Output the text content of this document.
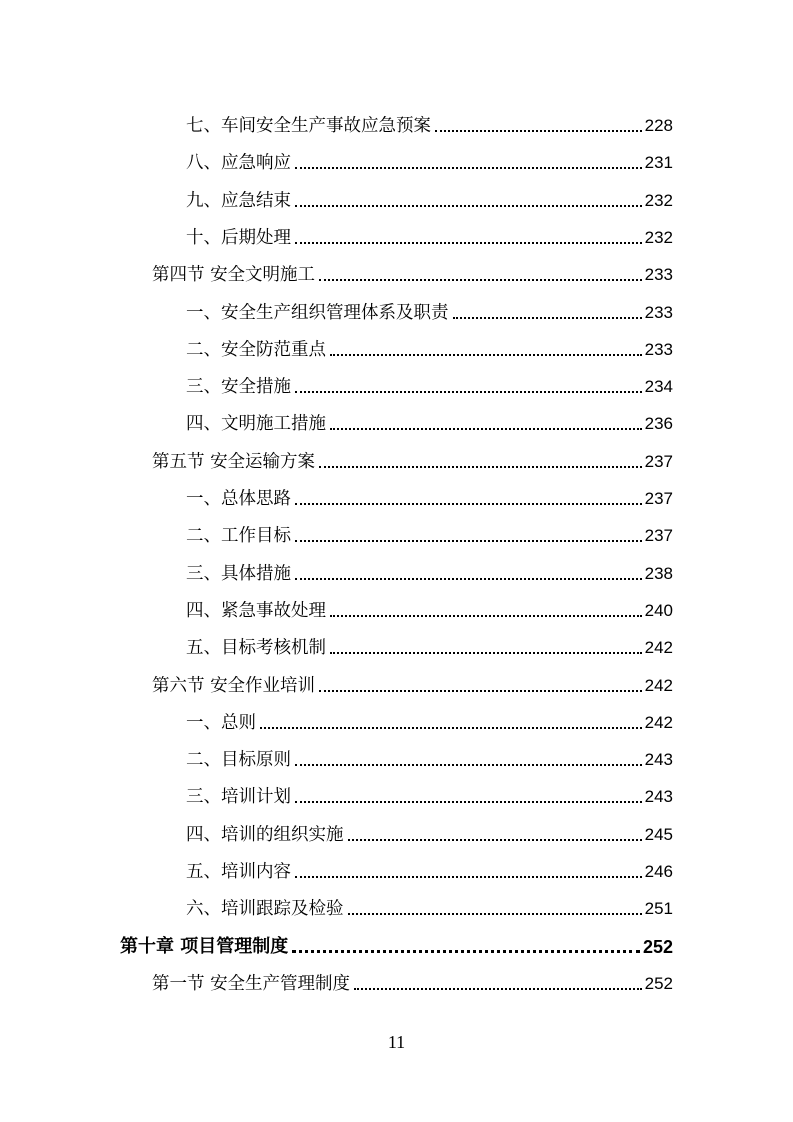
七、车间安全生产事故应急预案	228
八、应急响应	231
九、应急结束	232
十、后期处理	232
第四节 安全文明施工	233
一、安全生产组织管理体系及职责	233
二、安全防范重点	233
三、安全措施	234
四、文明施工措施	236
第五节 安全运输方案	237
一、总体思路	237
二、工作目标	237
三、具体措施	238
四、紧急事故处理	240
五、目标考核机制	242
第六节 安全作业培训	242
一、总则	242
二、目标原则	243
三、培训计划	243
四、培训的组织实施	245
五、培训内容	246
六、培训跟踪及检验	251
第十章 项目管理制度	252
第一节 安全生产管理制度	252
11
